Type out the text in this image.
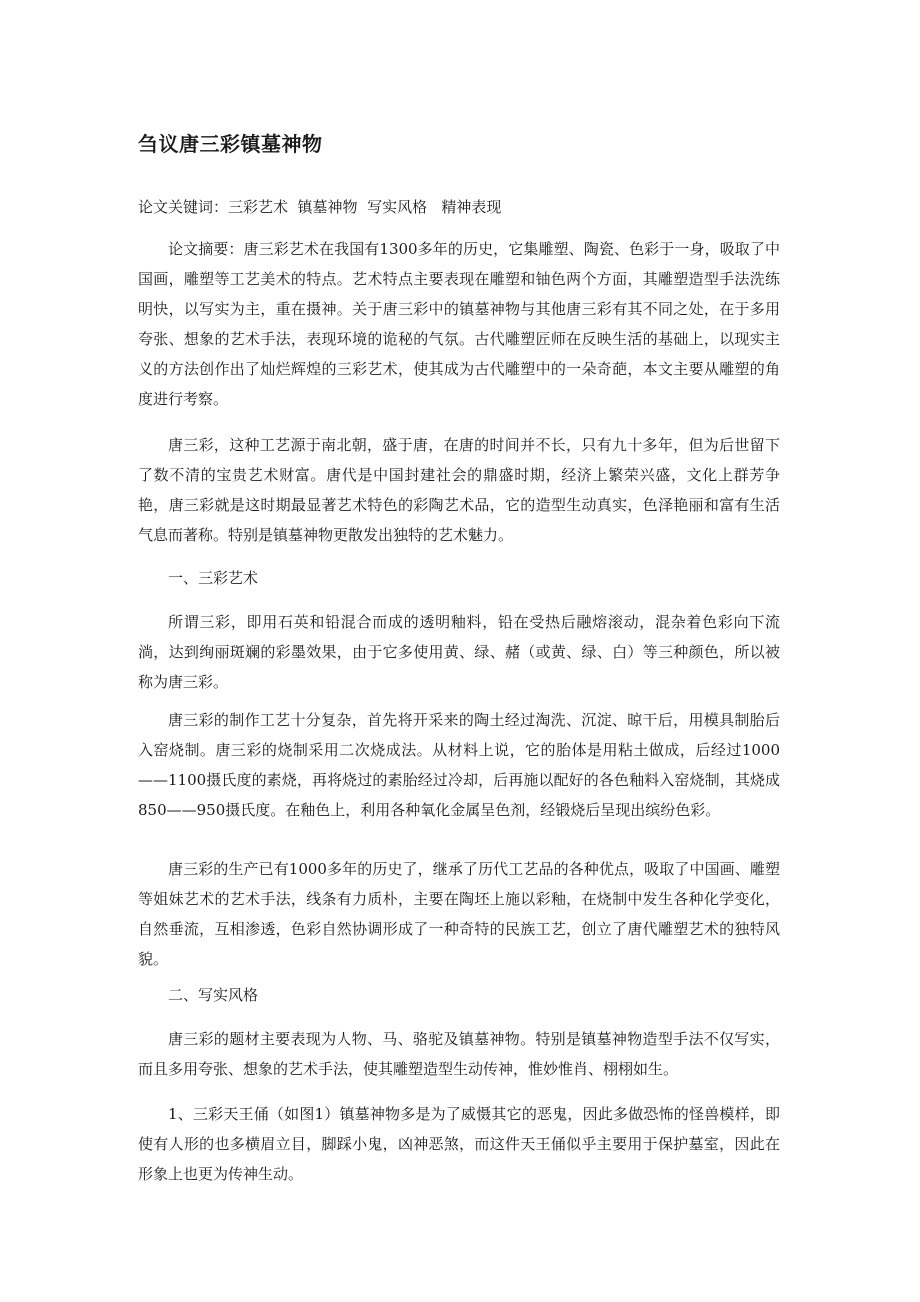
刍议唐三彩镇墓神物

论文关键词：三彩艺术  镇墓神物  写实风格   精神表现

论文摘要：唐三彩艺术在我国有1300多年的历史，它集雕塑、陶瓷、色彩于一身，吸取了中国画，雕塑等工艺美术的特点。艺术特点主要表现在雕塑和铀色两个方面，其雕塑造型手法洗练明快，以写实为主，重在摄神。关于唐三彩中的镇墓神物与其他唐三彩有其不同之处，在于多用夸张、想象的艺术手法，表现环境的诡秘的气氛。古代雕塑匠师在反映生活的基础上，以现实主义的方法创作出了灿烂辉煌的三彩艺术，使其成为古代雕塑中的一朵奇葩，本文主要从雕塑的角度进行考察。

唐三彩，这种工艺源于南北朝，盛于唐，在唐的时间并不长，只有九十多年，但为后世留下了数不清的宝贵艺术财富。唐代是中国封建社会的鼎盛时期，经济上繁荣兴盛，文化上群芳争艳，唐三彩就是这时期最显著艺术特色的彩陶艺术品，它的造型生动真实，色泽艳丽和富有生活气息而著称。特别是镇墓神物更散发出独特的艺术魅力。

一、三彩艺术

所谓三彩，即用石英和铅混合而成的透明釉料，铅在受热后融熔滚动，混杂着色彩向下流淌，达到绚丽斑斓的彩墨效果，由于它多使用黄、绿、赭（或黄、绿、白）等三种颜色，所以被称为唐三彩。

唐三彩的制作工艺十分复杂，首先将开采来的陶土经过淘洗、沉淀、晾干后，用模具制胎后入窑烧制。唐三彩的烧制采用二次烧成法。从材料上说，它的胎体是用粘土做成，后经过1000——1100摄氏度的素烧，再将烧过的素胎经过冷却，后再施以配好的各色釉料入窑烧制，其烧成850——950摄氏度。在釉色上，利用各种氧化金属呈色剂，经锻烧后呈现出缤纷色彩。

唐三彩的生产已有1000多年的历史了，继承了历代工艺品的各种优点，吸取了中国画、雕塑等姐妹艺术的艺术手法，线条有力质朴，主要在陶坯上施以彩釉，在烧制中发生各种化学变化，自然垂流，互相渗透，色彩自然协调形成了一种奇特的民族工艺，创立了唐代雕塑艺术的独特风貌。

二、写实风格

唐三彩的题材主要表现为人物、马、骆驼及镇墓神物。特别是镇墓神物造型手法不仅写实，而且多用夸张、想象的艺术手法，使其雕塑造型生动传神，惟妙惟肖、栩栩如生。

1、三彩天王俑（如图1）镇墓神物多是为了威慑其它的恶鬼，因此多做恐怖的怪兽模样，即使有人形的也多横眉立目，脚踩小鬼，凶神恶煞，而这件天王俑似乎主要用于保护墓室，因此在形象上也更为传神生动。
